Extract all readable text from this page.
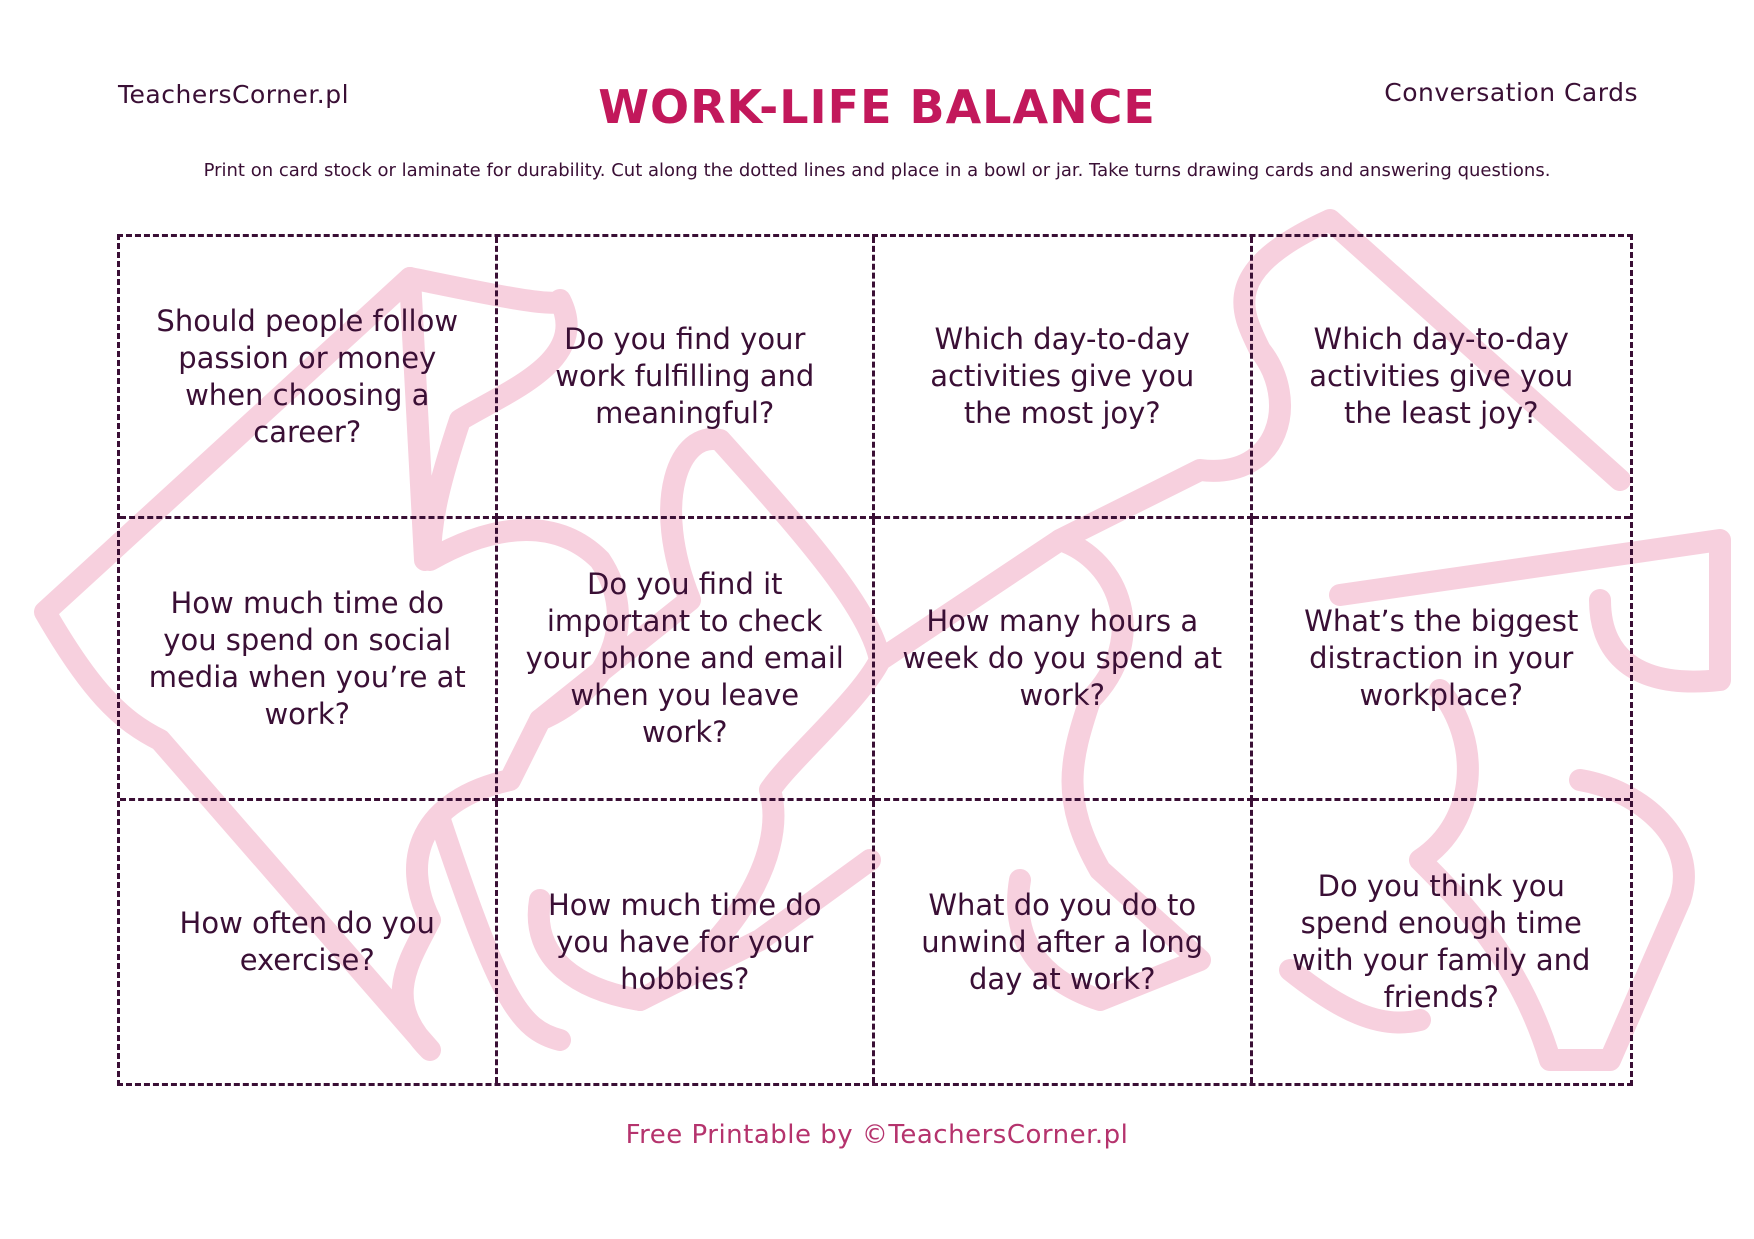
TeachersCorner.pl	WORK-LIFE BALANCE	Conversation Cards
Print on card stock or laminate for durability. Cut along the dotted lines and place in a bowl or jar. Take turns drawing cards and answering questions.
Should people follow passion or money when choosing a career?
Do you find your work fulfilling and meaningful?
Which day-to-day activities give you the most joy?
Which day-to-day activities give you the least joy?
How much time do you spend on social media when you’re at work?
Do you find it important to check your phone and email when you leave work?
How many hours a week do you spend at work?
What’s the biggest distraction in your workplace?
How often do you exercise?
How much time do you have for your hobbies?
What do you do to unwind after a long day at work?
Do you think you spend enough time with your family and friends?
Free Printable by ©TeachersCorner.pl
